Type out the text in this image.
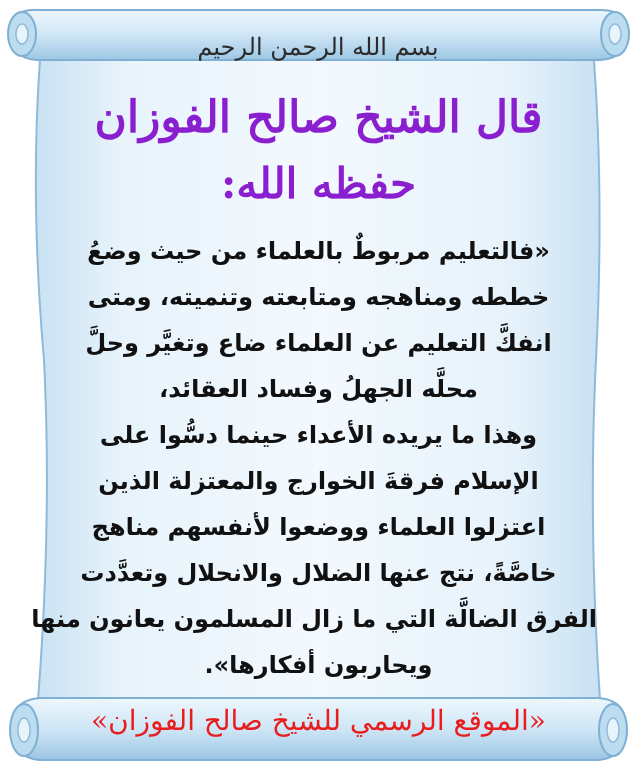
بسم الله الرحمن الرحيم
قال الشيخ صالح الفوزان
حفظه الله:
«فالتعليم مربوطٌ بالعلماء من حيث وضعُ
خططه ومناهجه ومتابعته وتنميته، ومتى
انفكَّ التعليم عن العلماء ضاع وتغيَّر وحلَّ
محلَّه الجهلُ وفساد العقائد،
وهذا ما يريده الأعداء حينما دسُّوا على
الإسلام فرقةَ الخوارج والمعتزلة الذين
اعتزلوا العلماء ووضعوا لأنفسهم مناهج
خاصَّةً، نتج عنها الضلال والانحلال وتعدَّدت
الفرق الضالَّة التي ما زال المسلمون يعانون منها
ويحاربون أفكارها».
«الموقع الرسمي للشيخ صالح الفوزان»
